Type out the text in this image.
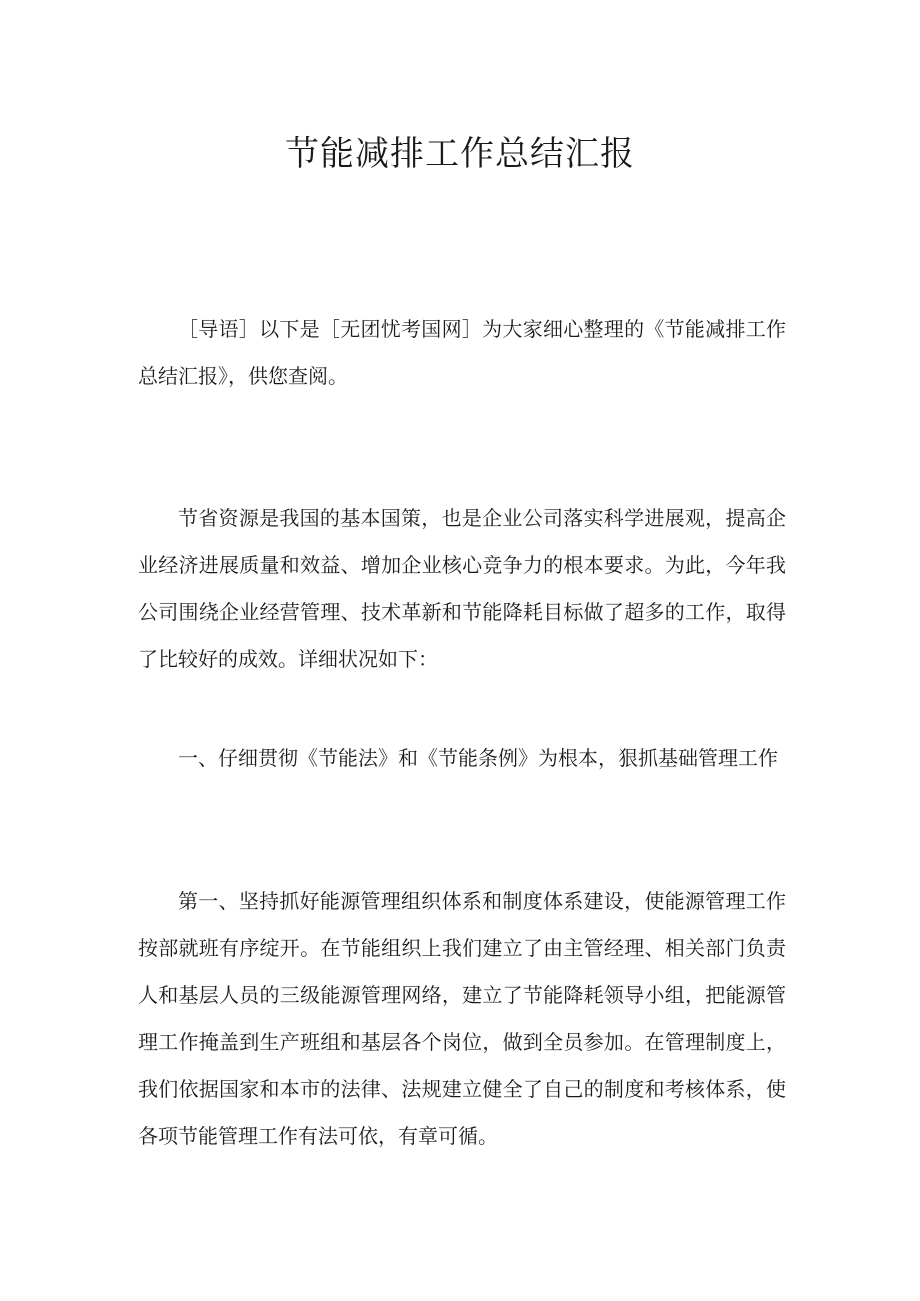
节能减排工作总结汇报

［导语］以下是［无团忧考国网］为大家细心整理的《节能减排工作总结汇报》，供您查阅。

节省资源是我国的基本国策，也是企业公司落实科学进展观，提高企业经济进展质量和效益、增加企业核心竞争力的根本要求。为此，今年我公司围绕企业经营管理、技术革新和节能降耗目标做了超多的工作，取得了比较好的成效。详细状况如下：

一、仔细贯彻《节能法》和《节能条例》为根本，狠抓基础管理工作

第一、坚持抓好能源管理组织体系和制度体系建设，使能源管理工作按部就班有序绽开。在节能组织上我们建立了由主管经理、相关部门负责人和基层人员的三级能源管理网络，建立了节能降耗领导小组，把能源管理工作掩盖到生产班组和基层各个岗位，做到全员参加。在管理制度上，我们依据国家和本市的法律、法规建立健全了自己的制度和考核体系，使各项节能管理工作有法可依，有章可循。
